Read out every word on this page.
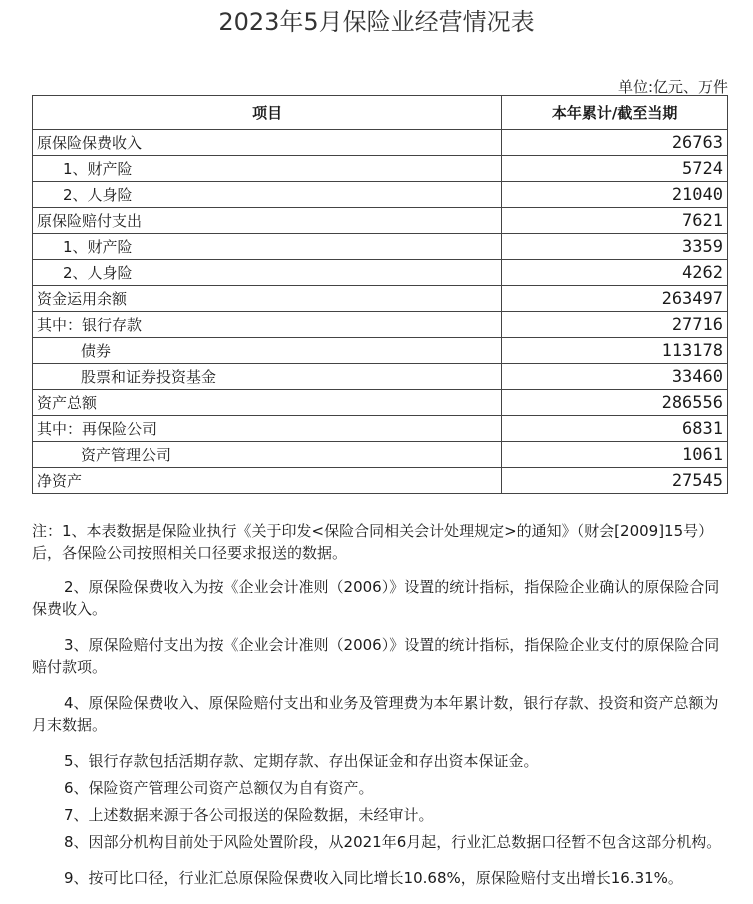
2023年5月保险业经营情况表
单位:亿元、万件
项目	本年累计/截至当期
原保险保费收入	26763
1、财产险	5724
2、人身险	21040
原保险赔付支出	7621
1、财产险	3359
2、人身险	4262
资金运用余额	263497
其中：银行存款	27716
债券	113178
股票和证券投资基金	33460
资产总额	286556
其中：再保险公司	6831
资产管理公司	1061
净资产	27545

注：1、本表数据是保险业执行《关于印发<保险合同相关会计处理规定>的通知》（财会[2009]15号）后，各保险公司按照相关口径要求报送的数据。

2、原保险保费收入为按《企业会计准则（2006）》设置的统计指标，指保险企业确认的原保险合同保费收入。

3、原保险赔付支出为按《企业会计准则（2006）》设置的统计指标，指保险企业支付的原保险合同赔付款项。

4、原保险保费收入、原保险赔付支出和业务及管理费为本年累计数，银行存款、投资和资产总额为月末数据。

5、银行存款包括活期存款、定期存款、存出保证金和存出资本保证金。

6、保险资产管理公司资产总额仅为自有资产。

7、上述数据来源于各公司报送的保险数据，未经审计。

8、因部分机构目前处于风险处置阶段，从2021年6月起，行业汇总数据口径暂不包含这部分机构。

9、按可比口径，行业汇总原保险保费收入同比增长10.68%，原保险赔付支出增长16.31%。
